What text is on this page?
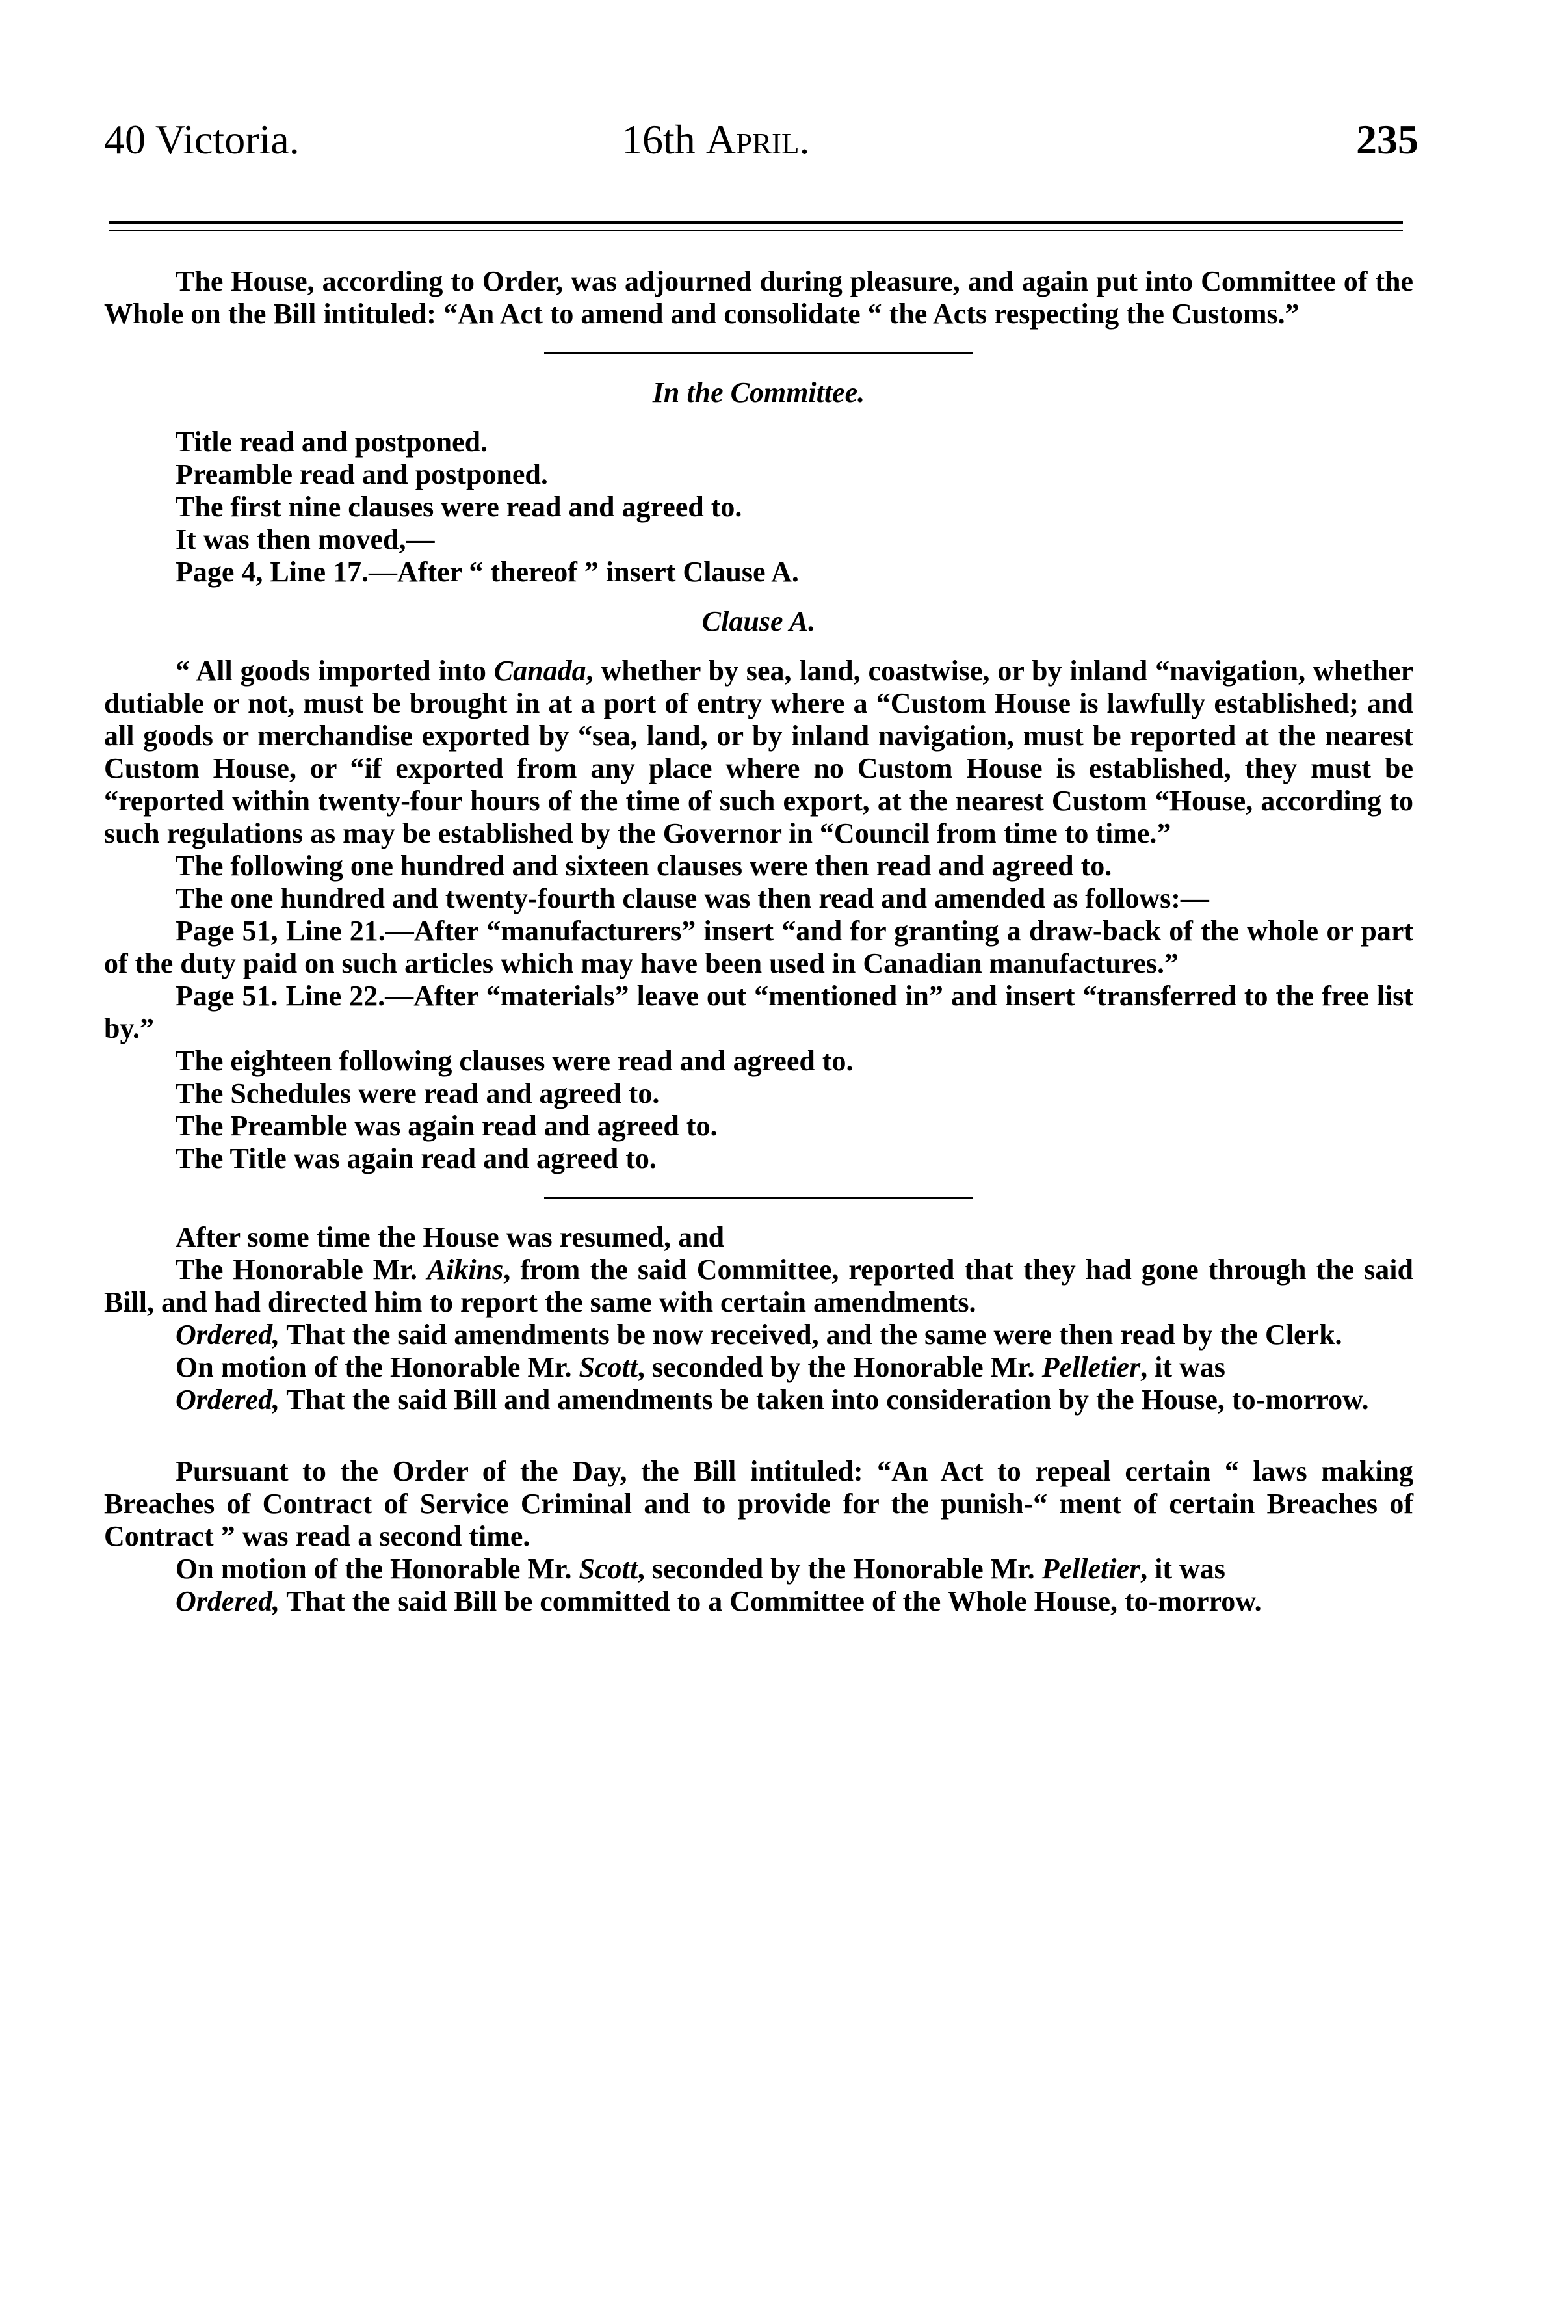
40 Victoria.	16th April.	235

The House, according to Order, was adjourned during pleasure, and again put into Committee of the Whole on the Bill intituled: “An Act to amend and consolidate “ the Acts respecting the Customs.”

In the Committee.

Title read and postponed.

Preamble read and postponed.

The first nine clauses were read and agreed to.

It was then moved,—

Page 4, Line 17.—After “ thereof ” insert Clause A.

Clause A.

“ All goods imported into Canada, whether by sea, land, coastwise, or by inland “navigation, whether dutiable or not, must be brought in at a port of entry where a “Custom House is lawfully established; and all goods or merchandise exported by “sea, land, or by inland navigation, must be reported at the nearest Custom House, or “if exported from any place where no Custom House is established, they must be “reported within twenty-four hours of the time of such export, at the nearest Custom “House, according to such regulations as may be established by the Governor in “Council from time to time.”

The following one hundred and sixteen clauses were then read and agreed to.

The one hundred and twenty-fourth clause was then read and amended as follows:—

Page 51, Line 21.—After “manufacturers” insert “and for granting a draw-back of the whole or part of the duty paid on such articles which may have been used in Canadian manufactures.”

Page 51. Line 22.—After “materials” leave out “mentioned in” and insert “transferred to the free list by.”

The eighteen following clauses were read and agreed to.

The Schedules were read and agreed to.

The Preamble was again read and agreed to.

The Title was again read and agreed to.

After some time the House was resumed, and

The Honorable Mr. Aikins, from the said Committee, reported that they had gone through the said Bill, and had directed him to report the same with certain amendments.

Ordered, That the said amendments be now received, and the same were then read by the Clerk.

On motion of the Honorable Mr. Scott, seconded by the Honorable Mr. Pelletier, it was

Ordered, That the said Bill and amendments be taken into consideration by the House, to-morrow.

Pursuant to the Order of the Day, the Bill intituled: “An Act to repeal certain “ laws making Breaches of Contract of Service Criminal and to provide for the punish-“ ment of certain Breaches of Contract ” was read a second time.

On motion of the Honorable Mr. Scott, seconded by the Honorable Mr. Pelletier, it was

Ordered, That the said Bill be committed to a Committee of the Whole House, to-morrow.
